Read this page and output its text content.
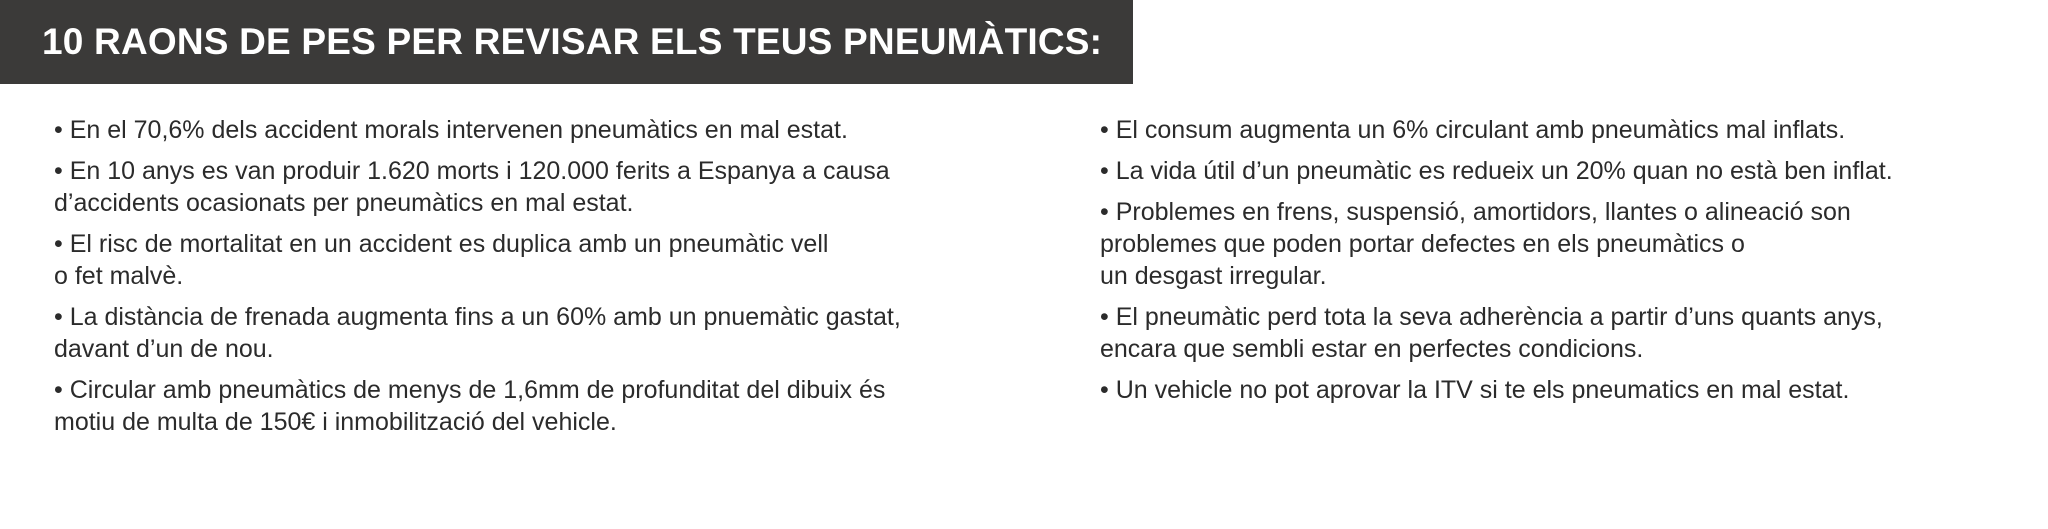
10 RAONS DE PES PER REVISAR ELS TEUS PNEUMÀTICS:
• En el 70,6% dels accident morals intervenen pneumàtics en mal estat.
• En 10 anys es van produir 1.620 morts i 120.000 ferits a Espanya a causa
d’accidents ocasionats per pneumàtics en mal estat.
• El risc de mortalitat en un accident es duplica amb un pneumàtic vell
o fet malvè.
• La distància de frenada augmenta fins a un 60% amb un pnuemàtic gastat,
davant d’un de nou.
• Circular amb pneumàtics de menys de 1,6mm de profunditat del dibuix és
motiu de multa de 150€ i inmobilització del vehicle.
• El consum augmenta un 6% circulant amb pneumàtics mal inflats.
• La vida útil d’un pneumàtic es redueix un 20% quan no està ben inflat.
• Problemes en frens, suspensió, amortidors, llantes o alineació son
problemes que poden portar defectes en els pneumàtics o
un desgast irregular.
• El pneumàtic perd tota la seva adherència a partir d’uns quants anys,
encara que sembli estar en perfectes condicions.
• Un vehicle no pot aprovar la ITV si te els pneumatics en mal estat.
